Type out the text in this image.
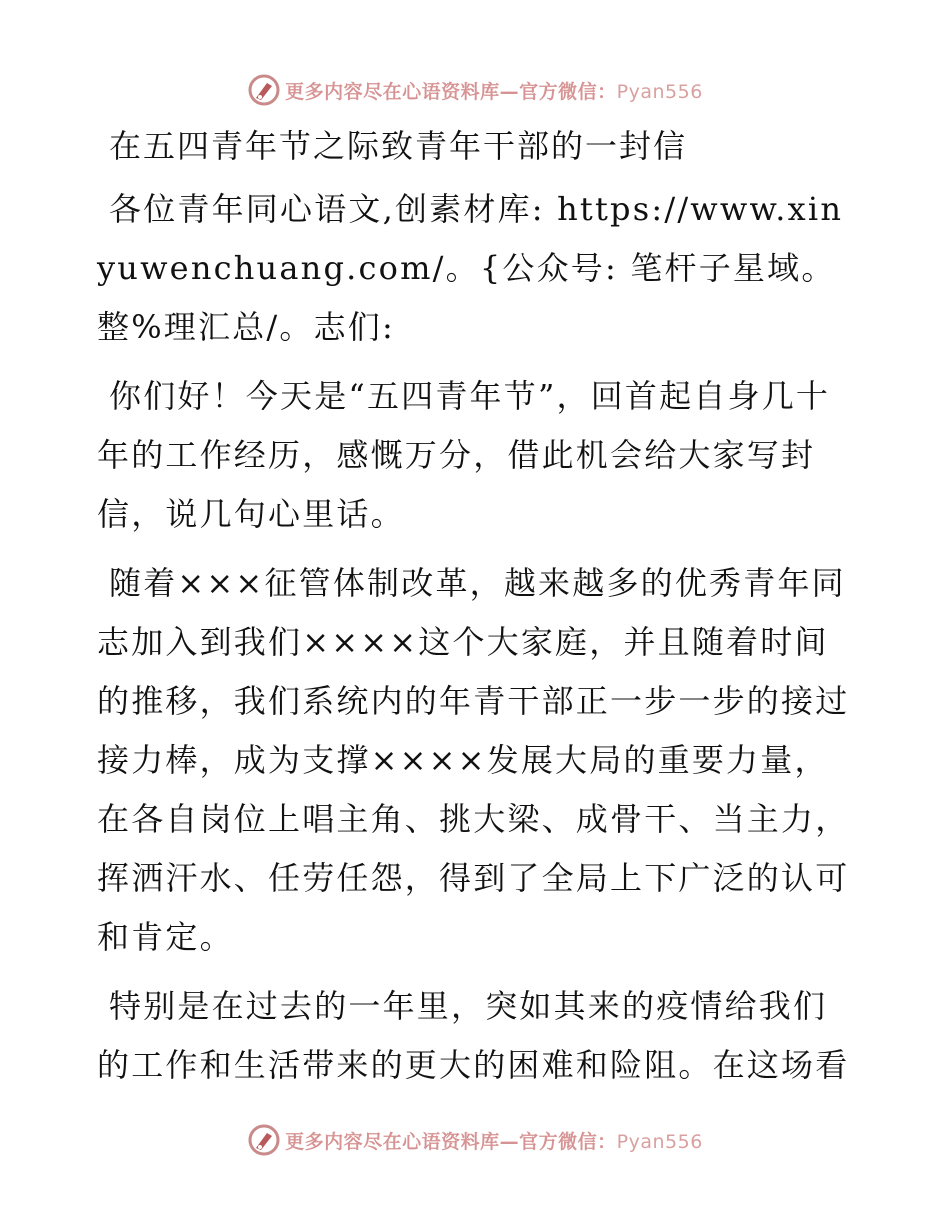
更多内容尽在心语资料库—官方微信：Pyan556
在五四青年节之际致青年干部的一封信

各位青年同心语文,创素材库: https://www.xinyuwenchuang.com/。{公众号: 笔杆子星域。整%理汇总/。志们:

你们好！今天是“五四青年节”，回首起自身几十年的工作经历，感慨万分，借此机会给大家写封信，说几句心里话。

随着×××征管体制改革，越来越多的优秀青年同志加入到我们××××这个大家庭，并且随着时间的推移，我们系统内的年青干部正一步一步的接过接力棒，成为支撑××××发展大局的重要力量，在各自岗位上唱主角、挑大梁、成骨干、当主力，挥洒汗水、任劳任怨，得到了全局上下广泛的认可和肯定。

特别是在过去的一年里，突如其来的疫情给我们的工作和生活带来的更大的困难和险阻。在这场看

更多内容尽在心语资料库—官方微信：Pyan556
